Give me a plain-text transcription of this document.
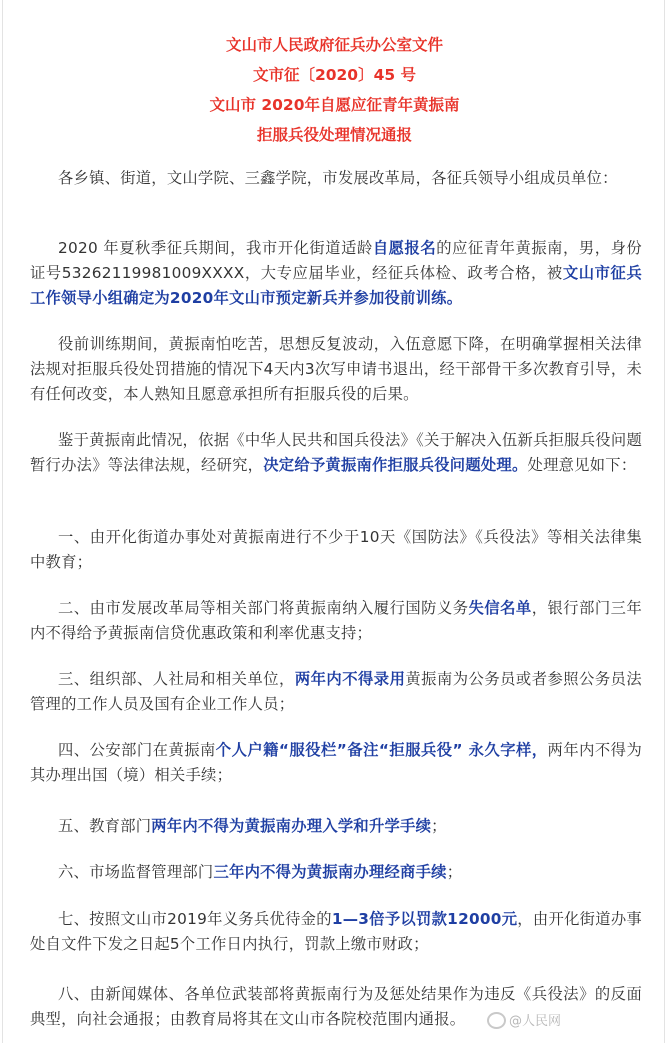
文山市人民政府征兵办公室文件
文市征〔2020〕45 号
文山市 2020年自愿应征青年黄振南
拒服兵役处理情况通报

各乡镇、街道，文山学院、三鑫学院，市发展改革局，各征兵领导小组成员单位：

2020 年夏秋季征兵期间，我市开化街道适龄自愿报名的应征青年黄振南，男，身份证号53262119981009XXXX，大专应届毕业，经征兵体检、政考合格，被文山市征兵工作领导小组确定为2020年文山市预定新兵并参加役前训练。

役前训练期间，黄振南怕吃苦，思想反复波动，入伍意愿下降，在明确掌握相关法律法规对拒服兵役处罚措施的情况下4天内3次写申请书退出，经干部骨干多次教育引导，未有任何改变，本人熟知且愿意承担所有拒服兵役的后果。

鉴于黄振南此情况，依据《中华人民共和国兵役法》《关于解决入伍新兵拒服兵役问题暂行办法》等法律法规，经研究，决定给予黄振南作拒服兵役问题处理。处理意见如下：

一、由开化街道办事处对黄振南进行不少于10天《国防法》《兵役法》等相关法律集中教育；

二、由市发展改革局等相关部门将黄振南纳入履行国防义务失信名单，银行部门三年内不得给予黄振南信贷优惠政策和利率优惠支持；

三、组织部、人社局和相关单位，两年内不得录用黄振南为公务员或者参照公务员法管理的工作人员及国有企业工作人员；

四、公安部门在黄振南个人户籍“服役栏”备注“拒服兵役” 永久字样，两年内不得为其办理出国（境）相关手续；

五、教育部门两年内不得为黄振南办理入学和升学手续；

六、市场监督管理部门三年内不得为黄振南办理经商手续；

七、按照文山市2019年义务兵优待金的1—3倍予以罚款12000元，由开化街道办事处自文件下发之日起5个工作日内执行，罚款上缴市财政；

八、由新闻媒体、各单位武装部将黄振南行为及惩处结果作为违反《兵役法》的反面典型，向社会通报；由教育局将其在文山市各院校范围内通报。	@人民网
